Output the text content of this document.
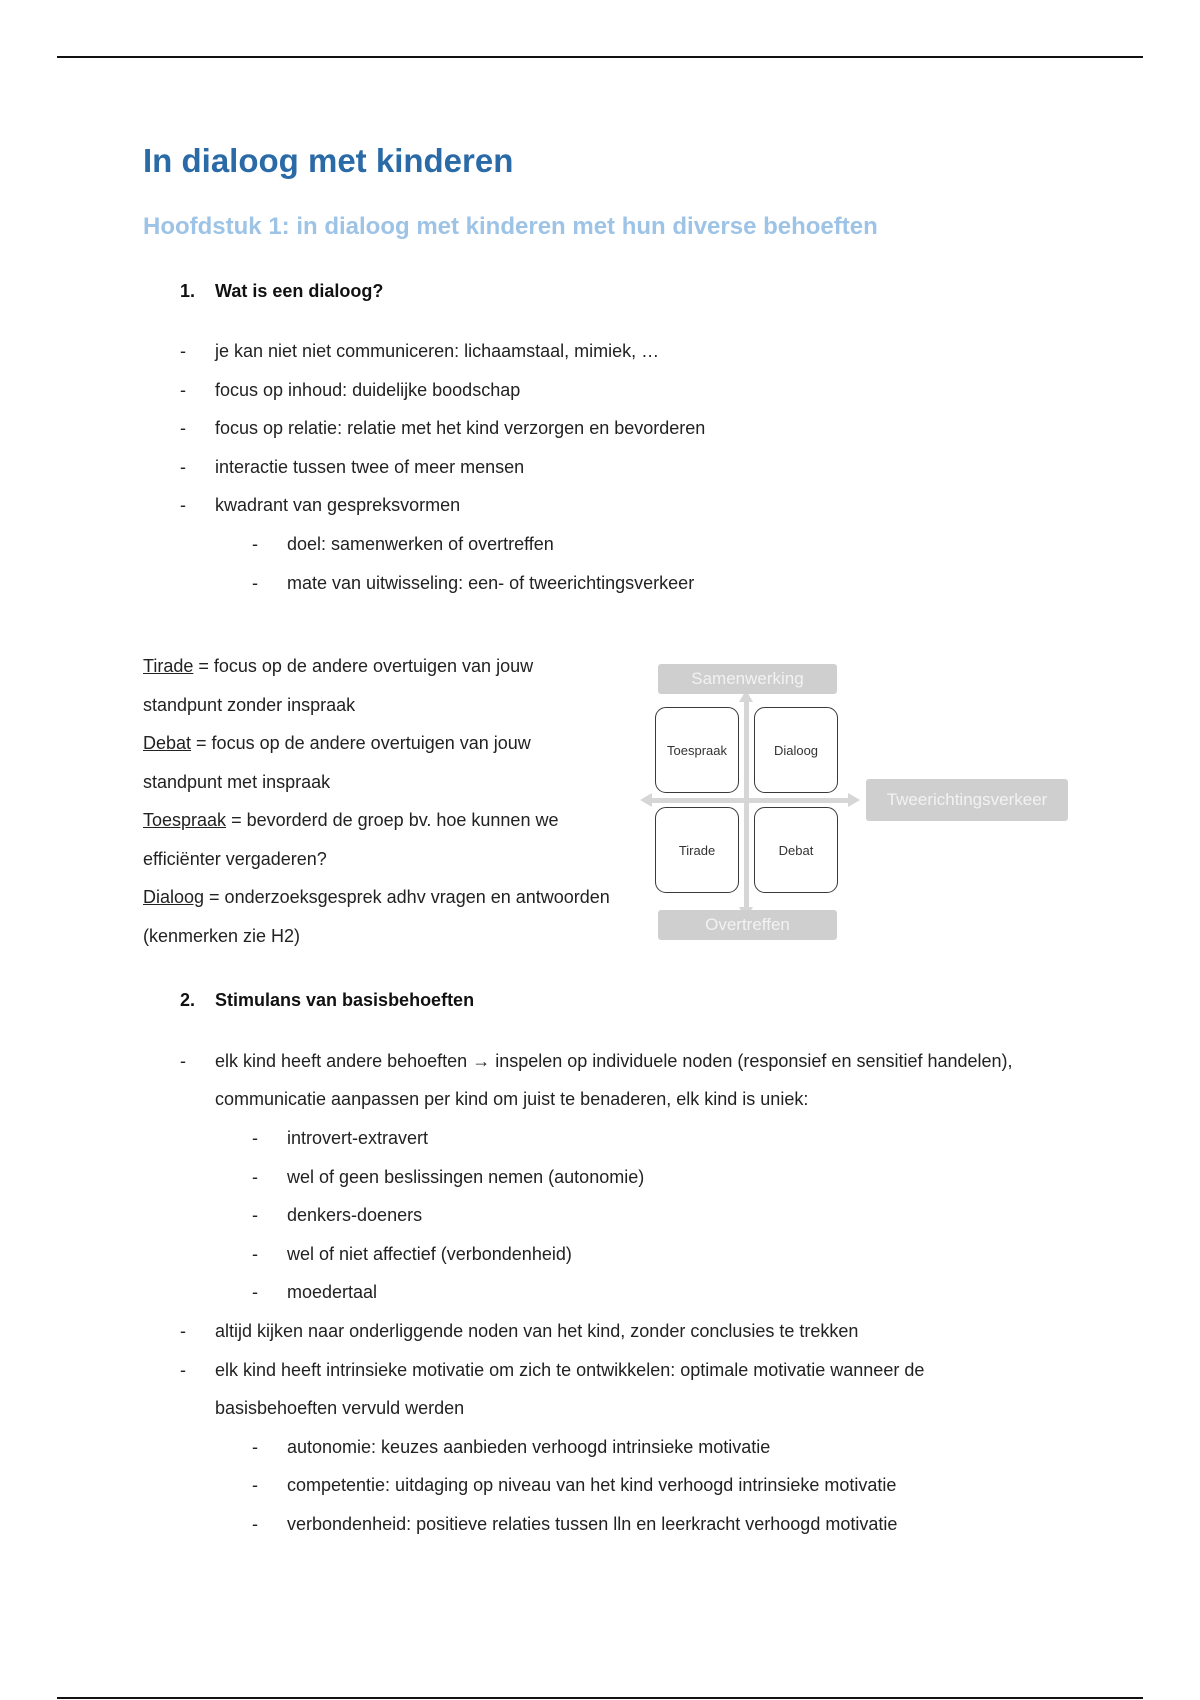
In dialoog met kinderen
Hoofdstuk 1: in dialoog met kinderen met hun diverse behoeften
1. Wat is een dialoog?
- je kan niet niet communiceren: lichaamstaal, mimiek, …
- focus op inhoud: duidelijke boodschap
- focus op relatie: relatie met het kind verzorgen en bevorderen
- interactie tussen twee of meer mensen
- kwadrant van gespreksvormen
- doel: samenwerken of overtreffen
- mate van uitwisseling: een- of tweerichtingsverkeer

Tirade = focus op de andere overtuigen van jouw standpunt zonder inspraak

Debat = focus op de andere overtuigen van jouw standpunt met inspraak

Toespraak = bevorderd de groep bv. hoe kunnen we efficiënter vergaderen?

Dialoog = onderzoeksgesprek adhv vragen en antwoorden (kenmerken zie H2)

Samenwerking
Overtreffen
Tweerichtingsverkeer
Toespraak	Dialoog
Tirade	Debat
2. Stimulans van basisbehoeften
- elk kind heeft andere behoeften → inspelen op individuele noden (responsief en sensitief handelen), communicatie aanpassen per kind om juist te benaderen, elk kind is uniek:
- introvert-extravert
- wel of geen beslissingen nemen (autonomie)
- denkers-doeners
- wel of niet affectief (verbondenheid)
- moedertaal
- altijd kijken naar onderliggende noden van het kind, zonder conclusies te trekken
- elk kind heeft intrinsieke motivatie om zich te ontwikkelen: optimale motivatie wanneer de basisbehoeften vervuld werden
- autonomie: keuzes aanbieden verhoogd intrinsieke motivatie
- competentie: uitdaging op niveau van het kind verhoogd intrinsieke motivatie
- verbondenheid: positieve relaties tussen lln en leerkracht verhoogd motivatie
